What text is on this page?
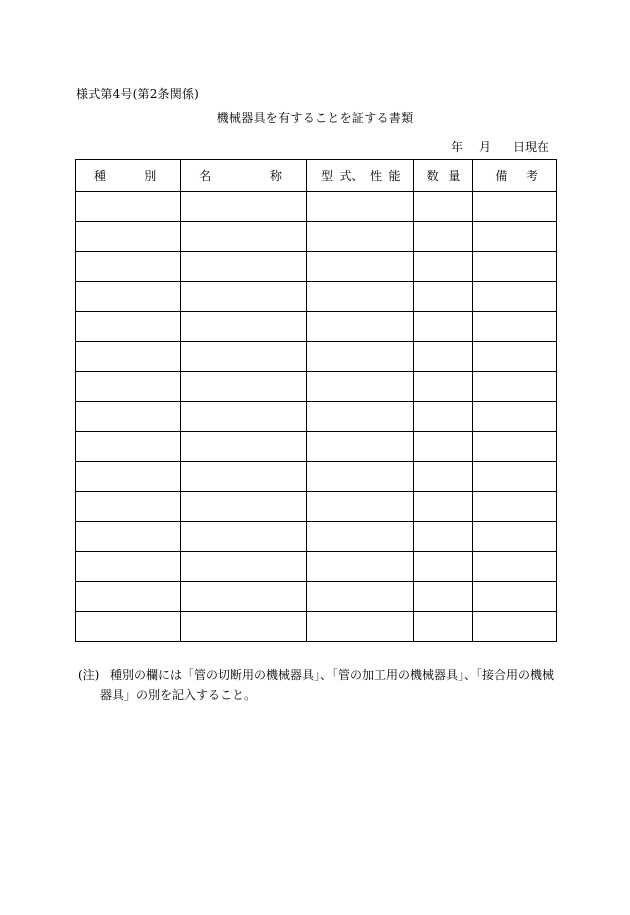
様式第4号(第2条関係)
機械器具を有することを証する書類
年 月 日現在
種 別	名 称	型 式、 性 能	数 量	備 考

(注) 種別の欄には「管の切断用の機械器具」、「管の加工用の機械器具」、「接合用の機械
器具」の別を記入すること。
